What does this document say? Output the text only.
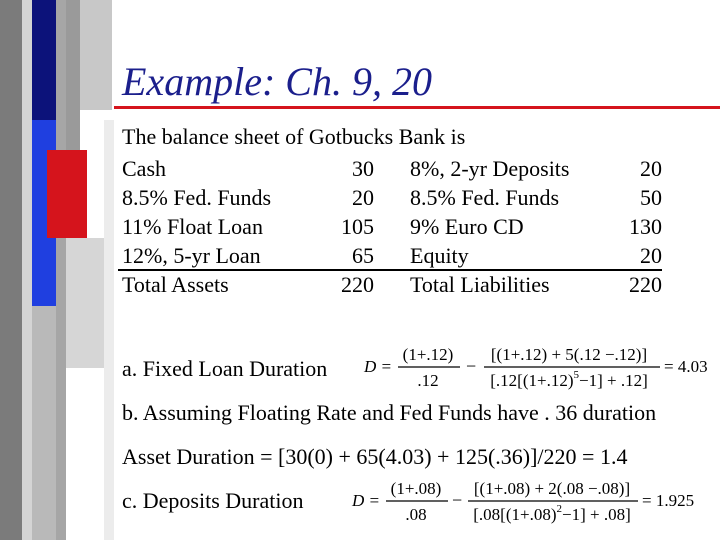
Example: Ch. 9, 20
The balance sheet of Gotbucks Bank is
Cash	30 8%, 2-yr Deposits	20
8.5% Fed. Funds	20 8.5% Fed. Funds	50
11% Float Loan	105 9% Euro CD	130
12%, 5-yr Loan	65 Equity	20
Total Assets	220 Total Liabilities	220
a. Fixed Loan Duration D =
(1+.12)
.12
−
[(1+.12) + 5(.12 −.12)]
$[.12[(1+.12)^5-1] + .12]$
= 4.03
b. Assuming Floating Rate and Fed Funds have . 36 duration
Asset Duration = [30(0) + 65(4.03) + 125(.36)]/220 = 1.4
c. Deposits Duration	D =
(1+.08)
.08
−
[(1+.08) + 2(.08 −.08)]
$[.08[(1+.08)^2-1] + .08]$
= 1.925
